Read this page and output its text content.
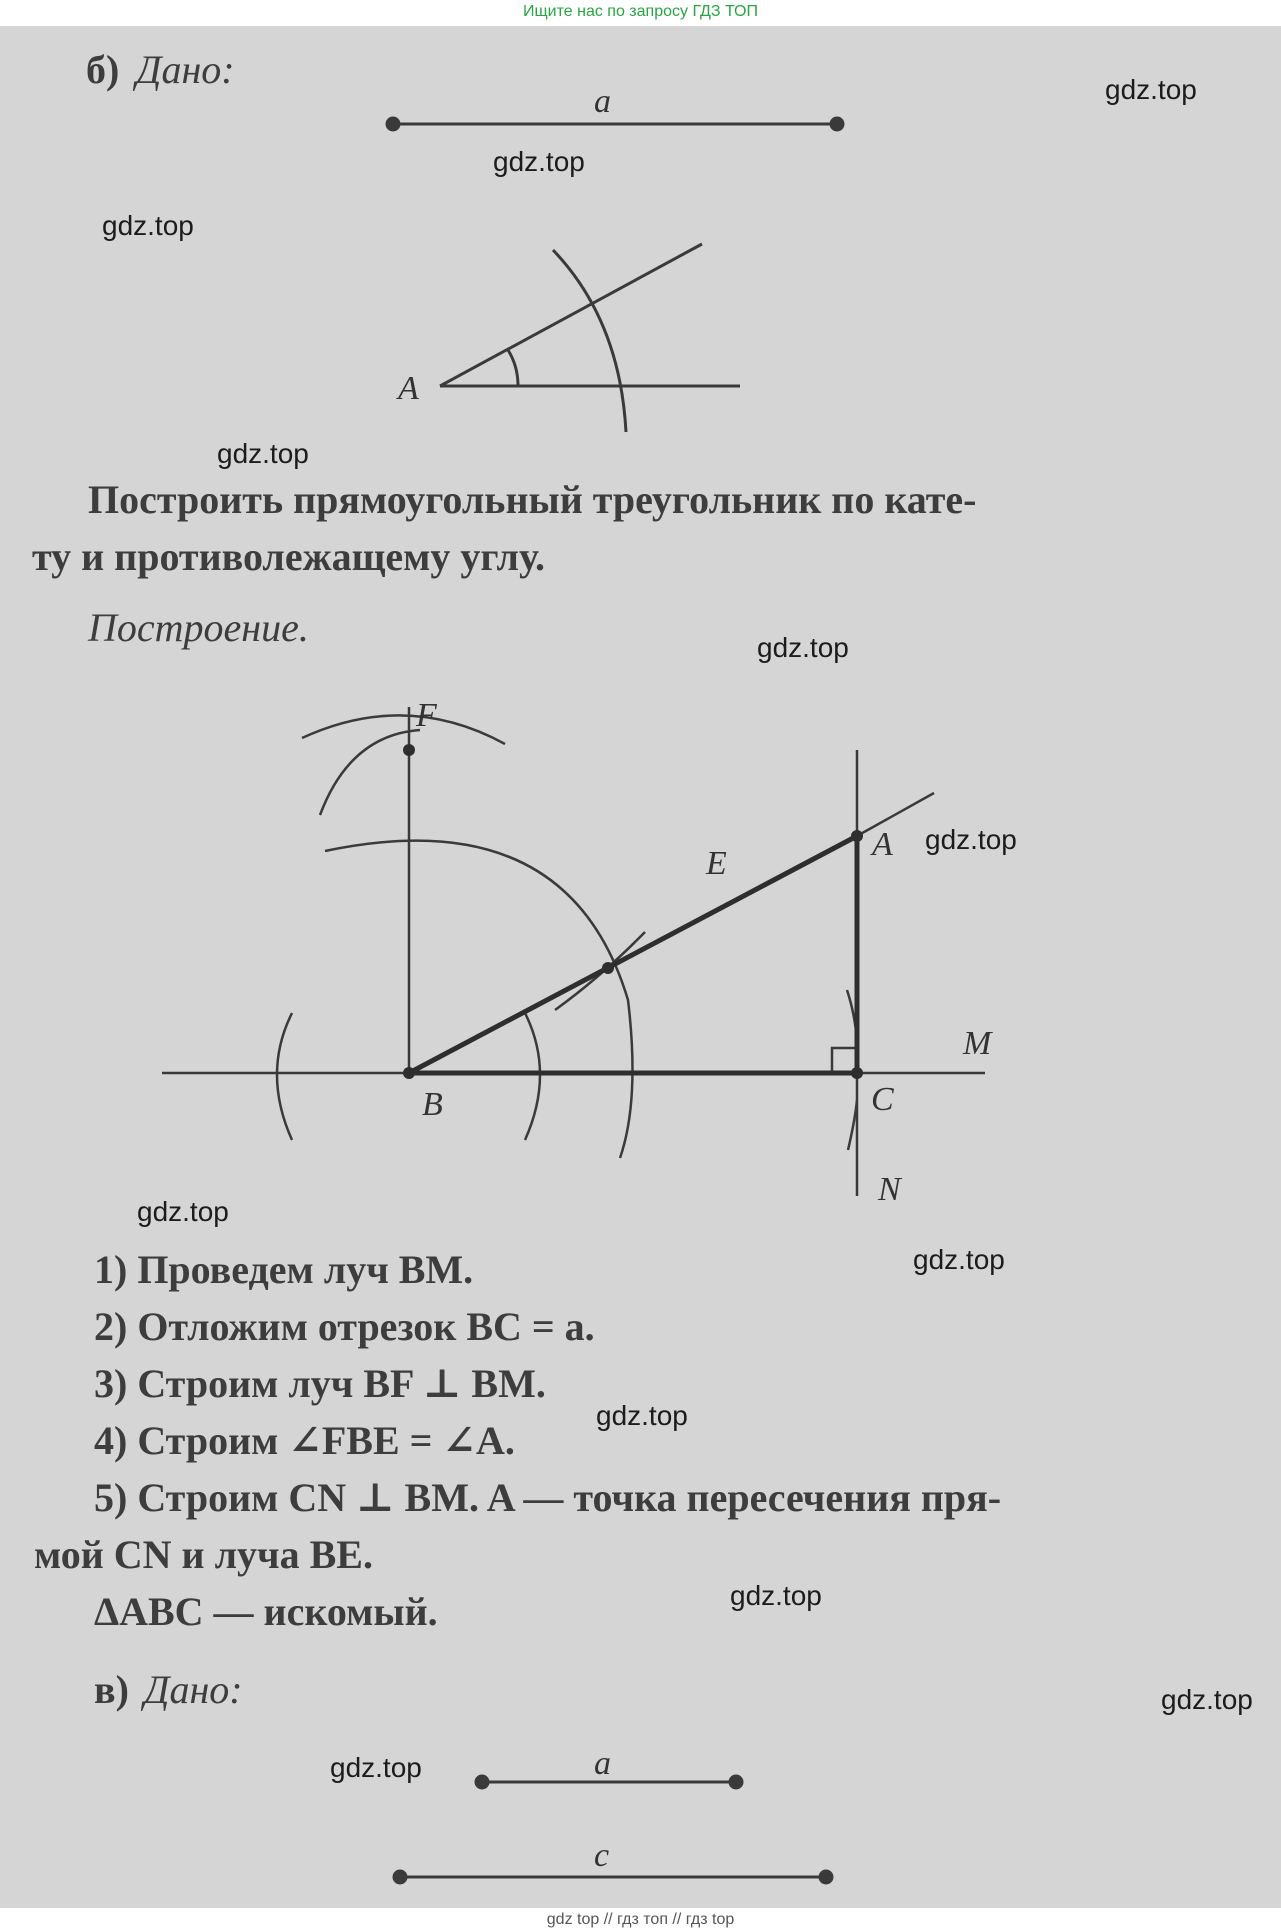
Ищите нас по запросу ГДЗ ТОП
б) Дано:
Построить прямоугольный треугольник по кате-
ту и противолежащему углу.
Построение.
1) Проведем луч BM.
2) Отложим отрезок BC = a.
3) Строим луч BF ⊥ BM.
4) Строим ∠FBE = ∠A.
5) Строим CN ⊥ BM. A — точка пересечения пря-
мой CN и луча BE.
ΔABC — искомый.
в) Дано:
gdz.top
gdz.top
gdz.top
gdz.top
gdz.top
gdz.top
gdz.top
gdz.top
gdz.top
gdz.top
gdz.top
gdz.top
a
A
F
E
A
M
B	C
N
a
c
gdz top // гдз топ // гдз top
